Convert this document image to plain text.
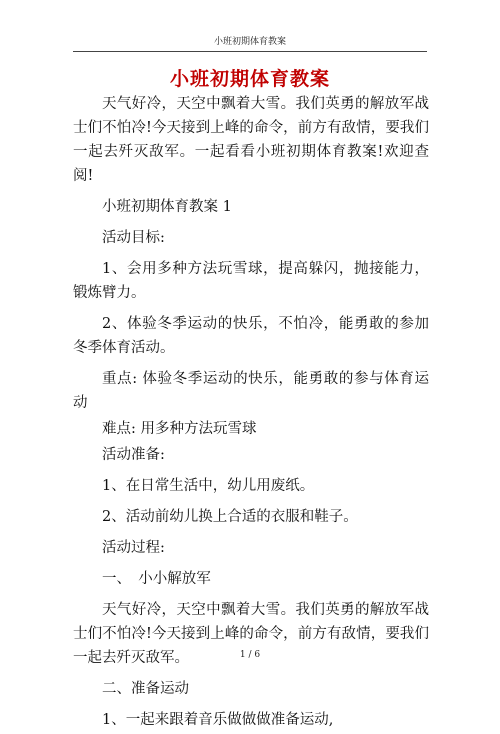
小班初期体育教案
小班初期体育教案

天气好冷，天空中飘着大雪。我们英勇的解放军战士们不怕冷!今天接到上峰的命令，前方有敌情，要我们一起去歼灭敌军。一起看看小班初期体育教案!欢迎查阅!

小班初期体育教案 1

活动目标:

1、会用多种方法玩雪球，提高躲闪，抛接能力，锻炼臂力。

2、体验冬季运动的快乐，不怕冷，能勇敢的参加冬季体育活动。

重点: 体验冬季运动的快乐，能勇敢的参与体育运动

难点: 用多种方法玩雪球

活动准备:

1、在日常生活中，幼儿用废纸。

2、活动前幼儿换上合适的衣服和鞋子。

活动过程:

一、　小小解放军

天气好冷，天空中飘着大雪。我们英勇的解放军战士们不怕冷!今天接到上峰的命令，前方有敌情，要我们一起去歼灭敌军。

二、准备运动

1、一起来跟着音乐做做做准备运动,

1 / 6
